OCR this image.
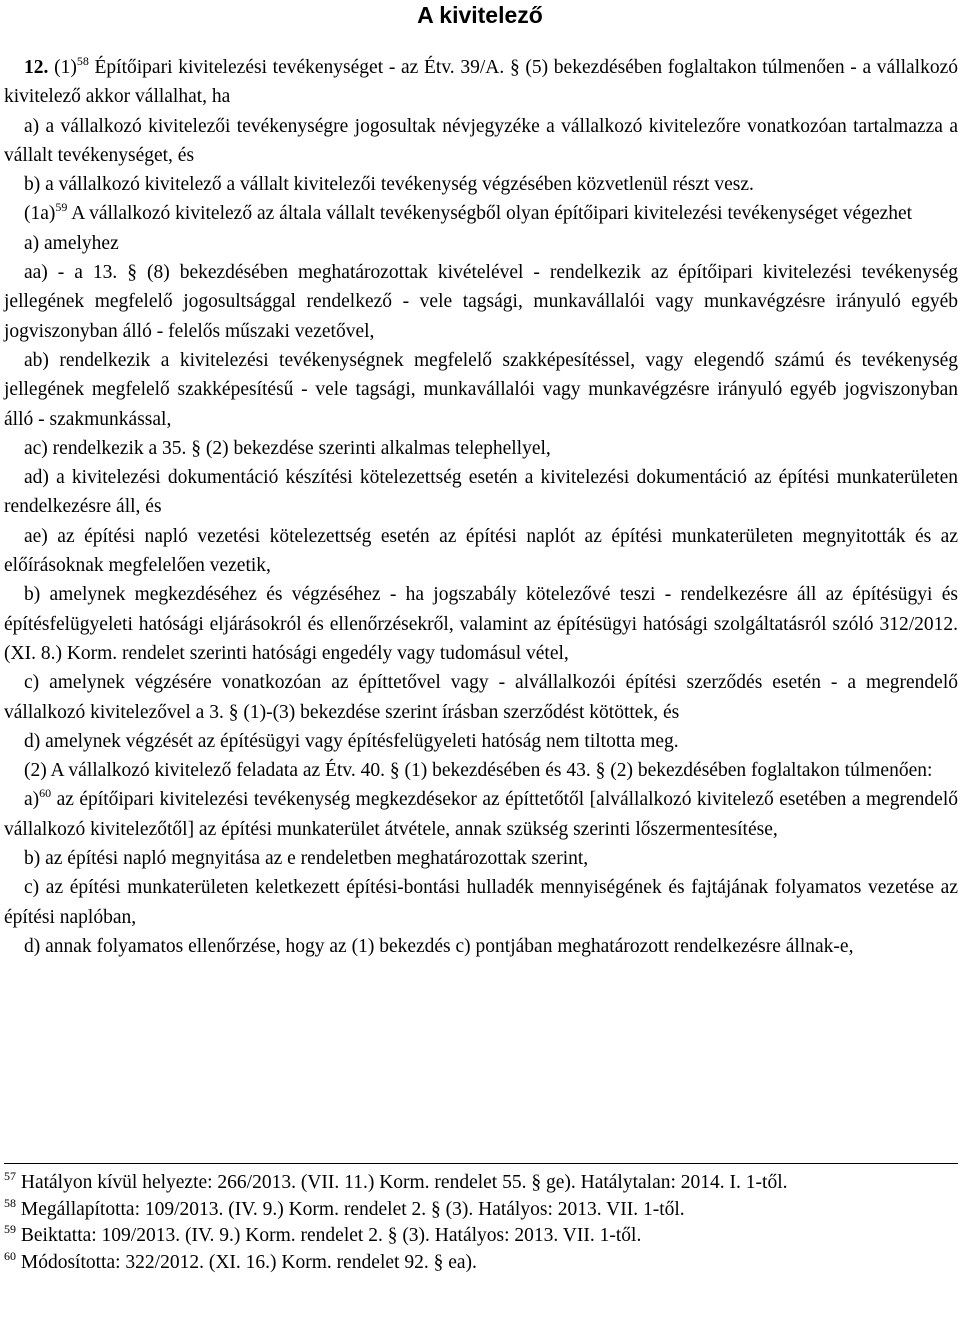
A kivitelező

12. $(1)^{58}$ Építőipari kivitelezési tevékenységet - az Étv. 39/A. § (5) bekezdésében foglaltakon túlmenően - a vállalkozó kivitelező akkor vállalhat, ha

a) a vállalkozó kivitelezői tevékenységre jogosultak névjegyzéke a vállalkozó kivitelezőre vonatkozóan tartalmazza a vállalt tevékenységet, és

b) a vállalkozó kivitelező a vállalt kivitelezői tevékenység végzésében közvetlenül részt vesz.

$(1a)^{59}$ A vállalkozó kivitelező az általa vállalt tevékenységből olyan építőipari kivitelezési tevékenységet végezhet

a) amelyhez

aa) - a 13. § (8) bekezdésében meghatározottak kivételével - rendelkezik az építőipari kivitelezési tevékenység jellegének megfelelő jogosultsággal rendelkező - vele tagsági, munkavállalói vagy munkavégzésre irányuló egyéb jogviszonyban álló - felelős műszaki vezetővel,

ab) rendelkezik a kivitelezési tevékenységnek megfelelő szakképesítéssel, vagy elegendő számú és tevékenység jellegének megfelelő szakképesítésű - vele tagsági, munkavállalói vagy munkavégzésre irányuló egyéb jogviszonyban álló - szakmunkással,

ac) rendelkezik a 35. § (2) bekezdése szerinti alkalmas telephellyel,

ad) a kivitelezési dokumentáció készítési kötelezettség esetén a kivitelezési dokumentáció az építési munkaterületen rendelkezésre áll, és

ae) az építési napló vezetési kötelezettség esetén az építési naplót az építési munkaterületen megnyitották és az előírásoknak megfelelően vezetik,

b) amelynek megkezdéséhez és végzéséhez - ha jogszabály kötelezővé teszi - rendelkezésre áll az építésügyi és építésfelügyeleti hatósági eljárásokról és ellenőrzésekről, valamint az építésügyi hatósági szolgáltatásról szóló 312/2012. (XI. 8.) Korm. rendelet szerinti hatósági engedély vagy tudomásul vétel,

c) amelynek végzésére vonatkozóan az építtetővel vagy - alvállalkozói építési szerződés esetén - a megrendelő vállalkozó kivitelezővel a 3. § (1)-(3) bekezdése szerint írásban szerződést kötöttek, és

d) amelynek végzését az építésügyi vagy építésfelügyeleti hatóság nem tiltotta meg.

(2) A vállalkozó kivitelező feladata az Étv. 40. § (1) bekezdésében és 43. § (2) bekezdésében foglaltakon túlmenően:

a)$^{60}$ az építőipari kivitelezési tevékenység megkezdésekor az építtetőtől [alvállalkozó kivitelező esetében a megrendelő vállalkozó kivitelezőtől] az építési munkaterület átvétele, annak szükség szerinti lőszermentesítése,

b) az építési napló megnyitása az e rendeletben meghatározottak szerint,

c) az építési munkaterületen keletkezett építési-bontási hulladék mennyiségének és fajtájának folyamatos vezetése az építési naplóban,

d) annak folyamatos ellenőrzése, hogy az (1) bekezdés c) pontjában meghatározott rendelkezésre állnak-e,

$^{57}$ Hatályon kívül helyezte: 266/2013. (VII. 11.) Korm. rendelet 55. § ge). Hatálytalan: 2014. I. 1-től.

$^{58}$ Megállapította: 109/2013. (IV. 9.) Korm. rendelet 2. § (3). Hatályos: 2013. VII. 1-től.

$^{59}$ Beiktatta: 109/2013. (IV. 9.) Korm. rendelet 2. § (3). Hatályos: 2013. VII. 1-től.

$^{60}$ Módosította: 322/2012. (XI. 16.) Korm. rendelet 92. § ea).
